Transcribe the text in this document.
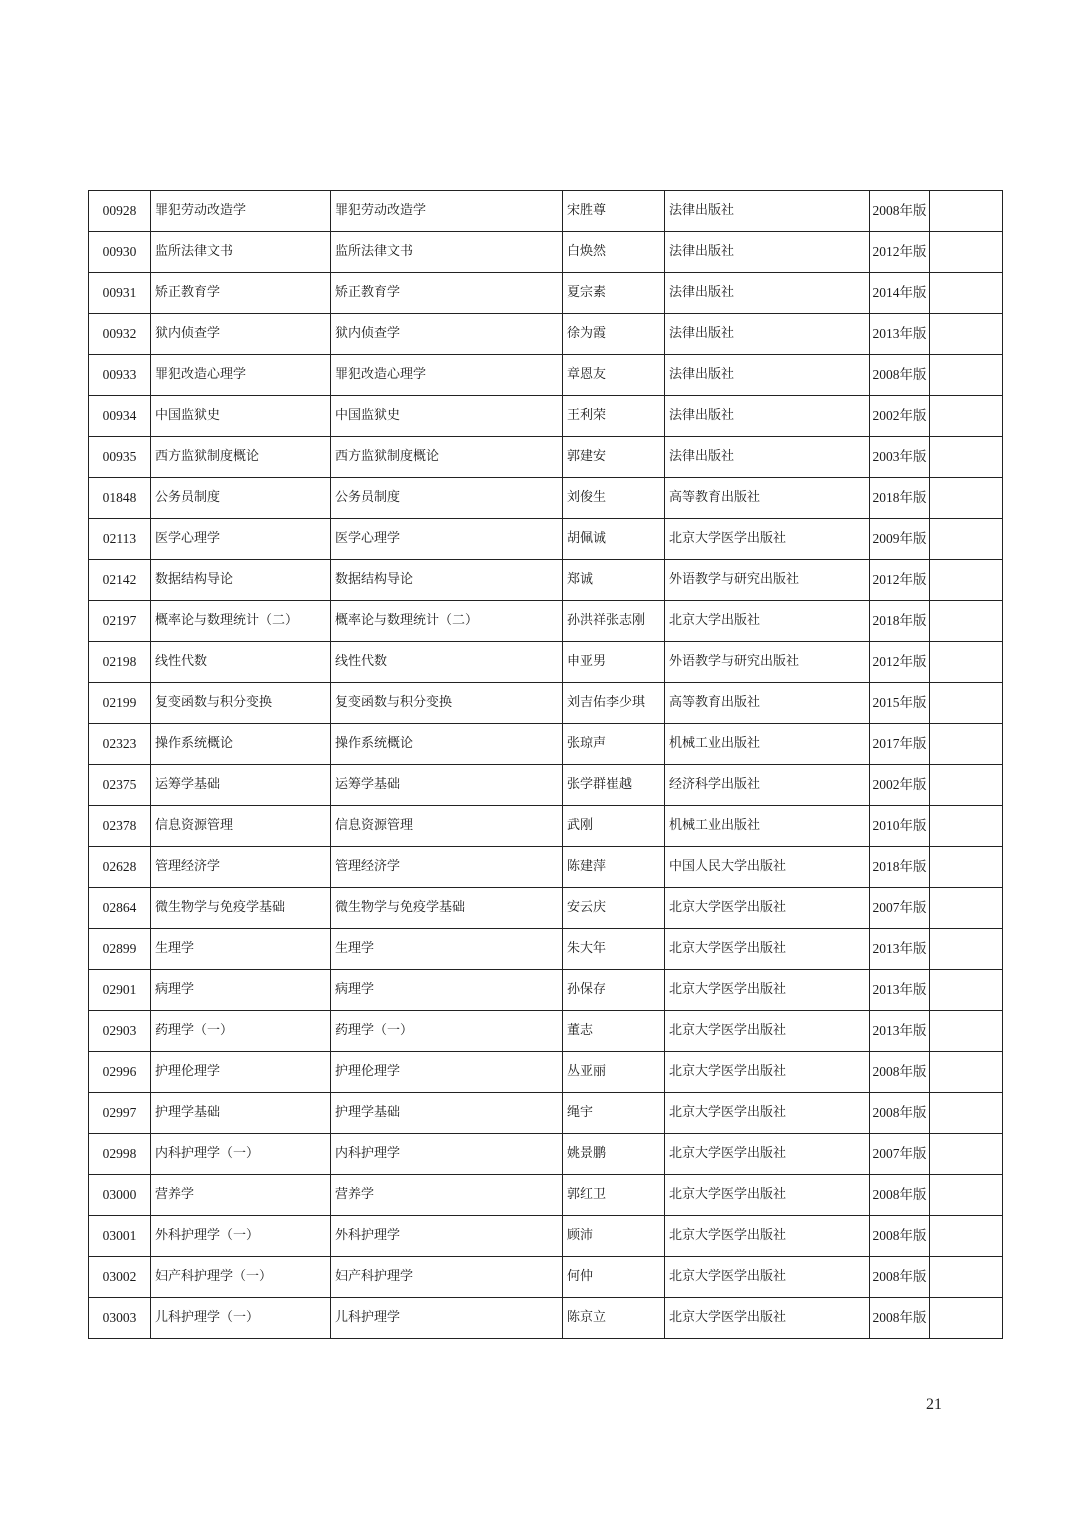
00928	罪犯劳动改造学	罪犯劳动改造学	宋胜尊	法律出版社	2008年版	
00930	监所法律文书	监所法律文书	白焕然	法律出版社	2012年版	
00931	矫正教育学	矫正教育学	夏宗素	法律出版社	2014年版	
00932	狱内侦查学	狱内侦查学	徐为霞	法律出版社	2013年版	
00933	罪犯改造心理学	罪犯改造心理学	章恩友	法律出版社	2008年版	
00934	中国监狱史	中国监狱史	王利荣	法律出版社	2002年版	
00935	西方监狱制度概论	西方监狱制度概论	郭建安	法律出版社	2003年版	
01848	公务员制度	公务员制度	刘俊生	高等教育出版社	2018年版	
02113	医学心理学	医学心理学	胡佩诚	北京大学医学出版社	2009年版	
02142	数据结构导论	数据结构导论	郑诚	外语教学与研究出版社	2012年版	
02197	概率论与数理统计（二）	概率论与数理统计（二）	孙洪祥张志刚	北京大学出版社	2018年版	
02198	线性代数	线性代数	申亚男	外语教学与研究出版社	2012年版	
02199	复变函数与积分变换	复变函数与积分变换	刘吉佑李少琪	高等教育出版社	2015年版	
02323	操作系统概论	操作系统概论	张琼声	机械工业出版社	2017年版	
02375	运筹学基础	运筹学基础	张学群崔越	经济科学出版社	2002年版	
02378	信息资源管理	信息资源管理	武刚	机械工业出版社	2010年版	
02628	管理经济学	管理经济学	陈建萍	中国人民大学出版社	2018年版	
02864	微生物学与免疫学基础	微生物学与免疫学基础	安云庆	北京大学医学出版社	2007年版	
02899	生理学	生理学	朱大年	北京大学医学出版社	2013年版	
02901	病理学	病理学	孙保存	北京大学医学出版社	2013年版	
02903	药理学（一）	药理学（一）	董志	北京大学医学出版社	2013年版	
02996	护理伦理学	护理伦理学	丛亚丽	北京大学医学出版社	2008年版	
02997	护理学基础	护理学基础	绳宇	北京大学医学出版社	2008年版	
02998	内科护理学（一）	内科护理学	姚景鹏	北京大学医学出版社	2007年版	
03000	营养学	营养学	郭红卫	北京大学医学出版社	2008年版	
03001	外科护理学（一）	外科护理学	顾沛	北京大学医学出版社	2008年版	
03002	妇产科护理学（一）	妇产科护理学	何仲	北京大学医学出版社	2008年版	
03003	儿科护理学（一）	儿科护理学	陈京立	北京大学医学出版社	2008年版	
21
